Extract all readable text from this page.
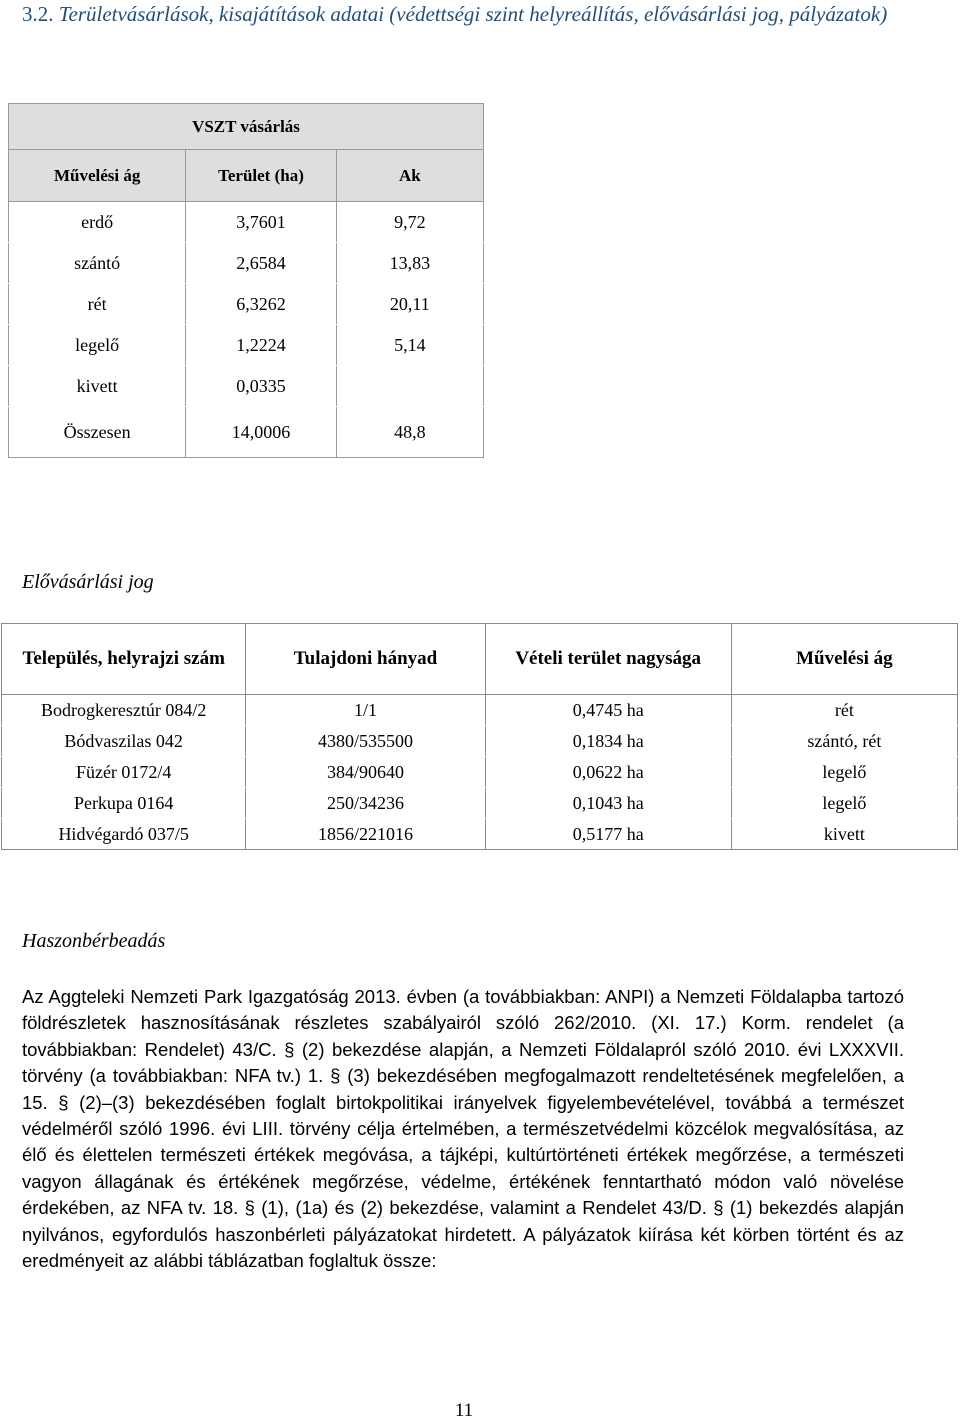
3.2. Területvásárlások, kisajátítások adatai (védettségi szint helyreállítás, elővásárlási jog, pályázatok)
VSZT vásárlás		
Művelési ág	Terület (ha)	Ak
erdő	3,7601	9,72
szántó	2,6584	13,83
rét	6,3262	20,11
legelő	1,2224	5,14
kivett	0,0335	
Összesen	14,0006	48,8
Elővásárlási jog
Település, helyrajzi szám	Tulajdoni hányad	Vételi terület nagysága	Művelési ág
Bodrogkeresztúr 084/2	1/1	0,4745 ha	rét
Bódvaszilas 042	4380/535500	0,1834 ha	szántó, rét
Füzér 0172/4	384/90640	0,0622 ha	legelő
Perkupa 0164	250/34236	0,1043 ha	legelő
Hidvégardó 037/5	1856/221016	0,5177 ha	kivett
Haszonbérbeadás
Az Aggteleki Nemzeti Park Igazgatóság 2013. évben (a továbbiakban: ANPI) a Nemzeti Földalapba tartozó földrészletek hasznosításának részletes szabályairól szóló 262/2010. (XI. 17.) Korm. rendelet (a továbbiakban: Rendelet) 43/C. § (2) bekezdése alapján, a Nemzeti Földalapról szóló 2010. évi LXXXVII. törvény (a továbbiakban: NFA tv.) 1. § (3) bekezdésében megfogalmazott rendeltetésének megfelelően, a 15. § (2)–(3) bekezdésében foglalt birtokpolitikai irányelvek figyelembevételével, továbbá a természet védelméről szóló 1996. évi LIII. törvény célja értelmében, a természetvédelmi közcélok megvalósítása, az élő és élettelen természeti értékek megóvása, a tájképi, kultúrtörténeti értékek megőrzése, a természeti vagyon állagának és értékének megőrzése, védelme, értékének fenntartható módon való növelése érdekében, az NFA tv. 18. § (1), (1a) és (2) bekezdése, valamint a Rendelet 43/D. § (1) bekezdés alapján nyilvános, egyfordulós haszonbérleti pályázatokat hirdetett. A pályázatok kiírása két körben történt és az eredményeit az alábbi táblázatban foglaltuk össze:
11
